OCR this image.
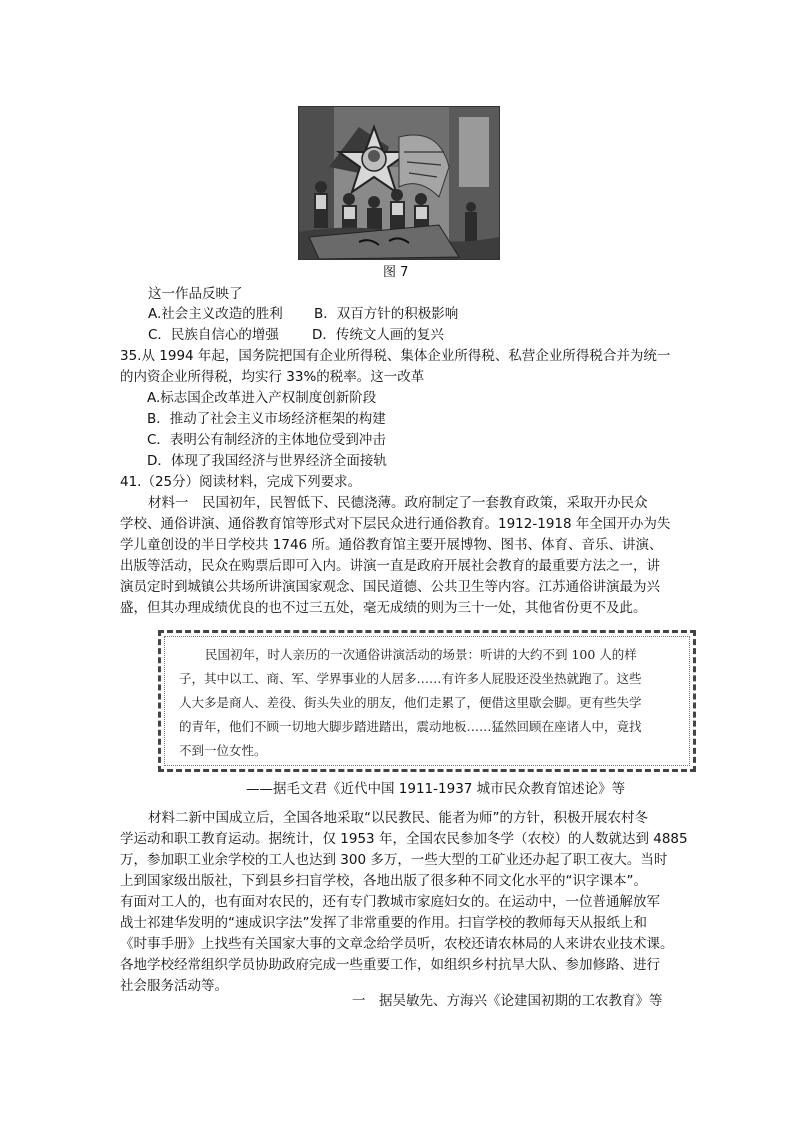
图 7
这一作品反映了
A.社会主义改造的胜利 B．双百方针的积极影响
C．民族自信心的增强 D．传统文人画的复兴
35.从 1994 年起，国务院把国有企业所得税、集体企业所得税、私营企业所得税合并为统一
的内资企业所得税，均实行 33%的税率。这一改革
A.标志国企改革进入产权制度创新阶段
B．推动了社会主义市场经济框架的构建
C．表明公有制经济的主体地位受到冲击
D．体现了我国经济与世界经济全面接轨
41.（25分）阅读材料，完成下列要求。
材料一　民国初年，民智低下、民德浇薄。政府制定了一套教育政策，采取开办民众
学校、通俗讲演、通俗教育馆等形式对下层民众进行通俗教育。1912-1918 年全国开办为失
学儿童创设的半日学校共 1746 所。通俗教育馆主要开展博物、图书、体育、音乐、讲演、
出版等活动，民众在购票后即可入内。讲演一直是政府开展社会教育的最重要方法之一，讲
演员定时到城镇公共场所讲演国家观念、国民道德、公共卫生等内容。江苏通俗讲演最为兴
盛，但其办理成绩优良的也不过三五处，毫无成绩的则为三十一处，其他省份更不及此。
民国初年，时人亲历的一次通俗讲演活动的场景：听讲的大约不到 100 人的样
子，其中以工、商、军、学界事业的人居多……有许多人屁股还没坐热就跑了。这些
人大多是商人、差役、街头失业的朋友，他们走累了，便借这里歇会脚。更有些失学
的青年，他们不顾一切地大脚步踏进踏出，震动地板……猛然回顾在座诸人中，竟找
不到一位女性。
——据毛文君《近代中国 1911-1937 城市民众教育馆述论》等
材料二新中国成立后，全国各地采取“以民教民、能者为师”的方针，积极开展农村冬
学运动和职工教育运动。据统计，仅 1953 年，全国农民参加冬学（农校）的人数就达到 4885
万，参加职工业余学校的工人也达到 300 多万，一些大型的工矿业还办起了职工夜大。当时
上到国家级出版社，下到县乡扫盲学校，各地出版了很多种不同文化水平的“识字课本”。
有面对工人的，也有面对农民的，还有专门教城市家庭妇女的。在运动中，一位普通解放军
战士祁建华发明的“速成识字法”发挥了非常重要的作用。扫盲学校的教师每天从报纸上和
《时事手册》上找些有关国家大事的文章念给学员听，农校还请农林局的人来讲农业技术课。
各地学校经常组织学员协助政府完成一些重要工作，如组织乡村抗旱大队、参加修路、进行
社会服务活动等。
一　据吴敏先、方海兴《论建国初期的工农教育》等
